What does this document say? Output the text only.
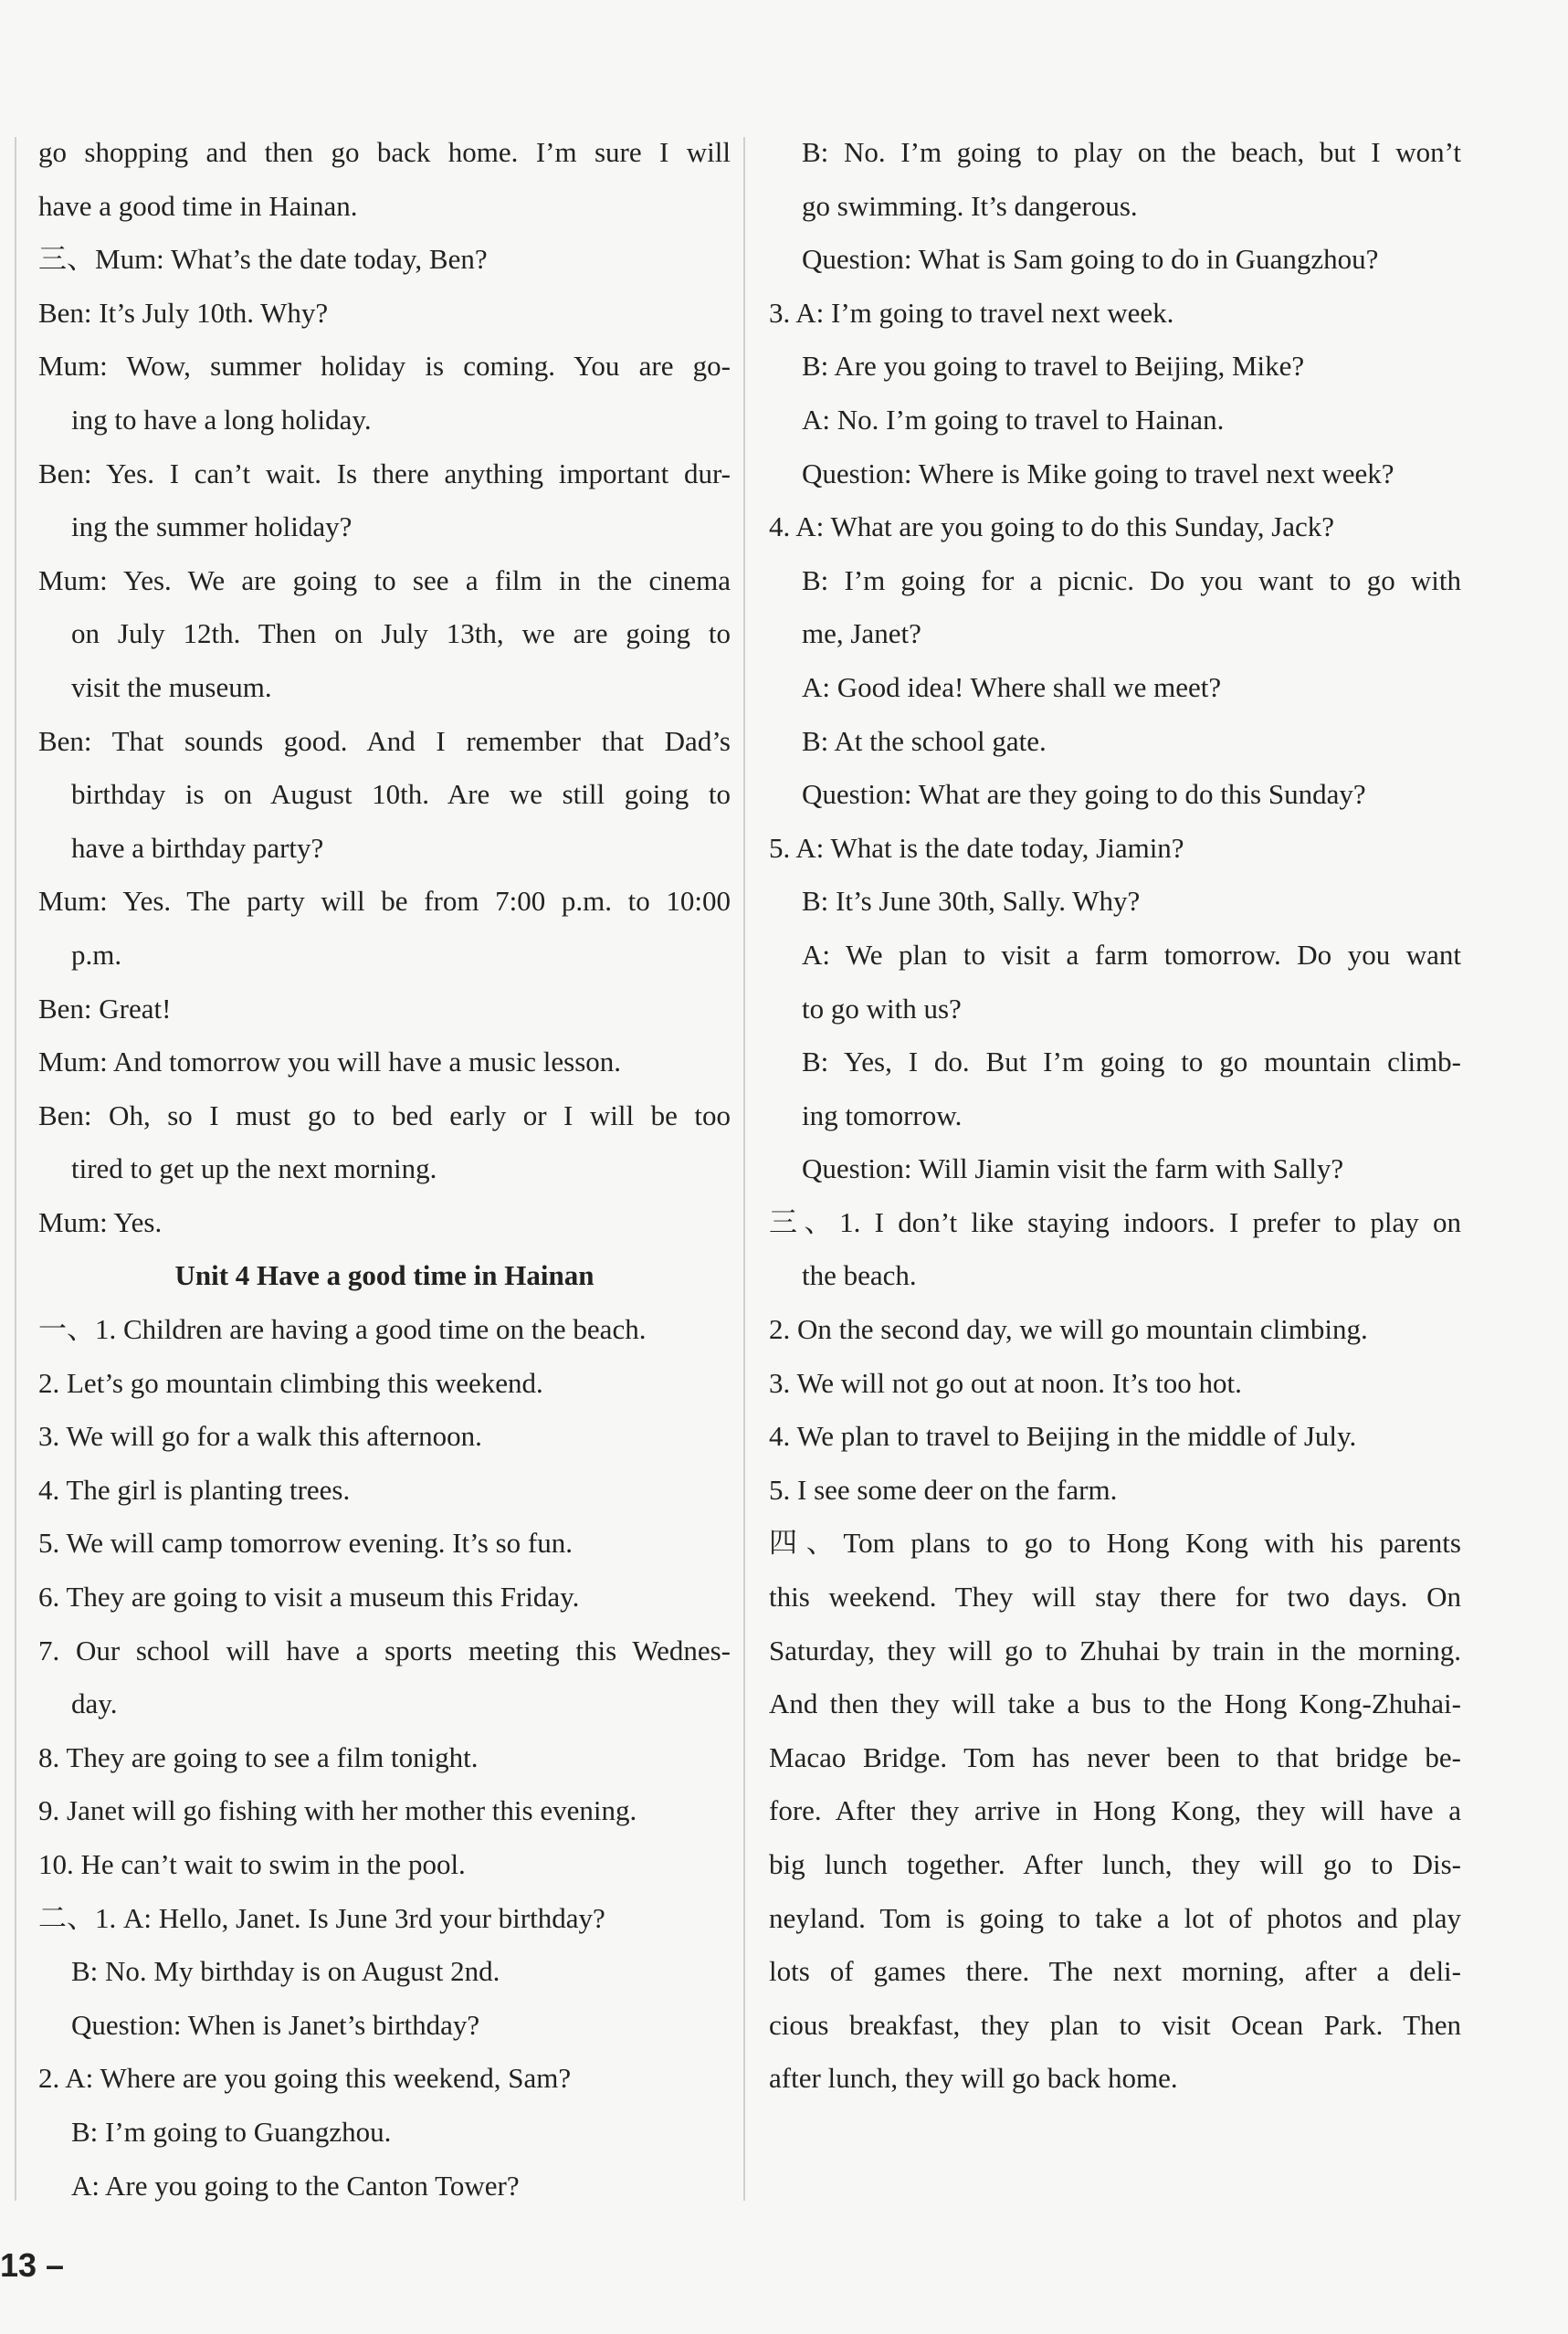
go shopping and then go back home. I’m sure I will
have a good time in Hainan.
三、Mum: What’s the date today, Ben?
Ben: It’s July 10th. Why?
Mum: Wow, summer holiday is coming. You are go-
ing to have a long holiday.
Ben: Yes. I can’t wait. Is there anything important dur-
ing the summer holiday?
Mum: Yes. We are going to see a film in the cinema
on July 12th. Then on July 13th, we are going to
visit the museum.
Ben: That sounds good. And I remember that Dad’s
birthday is on August 10th. Are we still going to
have a birthday party?
Mum: Yes. The party will be from 7:00 p.m. to 10:00
p.m.
Ben: Great!
Mum: And tomorrow you will have a music lesson.
Ben: Oh, so I must go to bed early or I will be too
tired to get up the next morning.
Mum: Yes.
Unit 4 Have a good time in Hainan
一、1. Children are having a good time on the beach.
2. Let’s go mountain climbing this weekend.
3. We will go for a walk this afternoon.
4. The girl is planting trees.
5. We will camp tomorrow evening. It’s so fun.
6. They are going to visit a museum this Friday.
7. Our school will have a sports meeting this Wednes-
day.
8. They are going to see a film tonight.
9. Janet will go fishing with her mother this evening.
10. He can’t wait to swim in the pool.
二、1. A: Hello, Janet. Is June 3rd your birthday?
B: No. My birthday is on August 2nd.
Question: When is Janet’s birthday?
2. A: Where are you going this weekend, Sam?
B: I’m going to Guangzhou.
A: Are you going to the Canton Tower?
B: No. I’m going to play on the beach, but I won’t
go swimming. It’s dangerous.
Question: What is Sam going to do in Guangzhou?
3. A: I’m going to travel next week.
B: Are you going to travel to Beijing, Mike?
A: No. I’m going to travel to Hainan.
Question: Where is Mike going to travel next week?
4. A: What are you going to do this Sunday, Jack?
B: I’m going for a picnic. Do you want to go with
me, Janet?
A: Good idea! Where shall we meet?
B: At the school gate.
Question: What are they going to do this Sunday?
5. A: What is the date today, Jiamin?
B: It’s June 30th, Sally. Why?
A: We plan to visit a farm tomorrow. Do you want
to go with us?
B: Yes, I do. But I’m going to go mountain climb-
ing tomorrow.
Question: Will Jiamin visit the farm with Sally?
三、1. I don’t like staying indoors. I prefer to play on
the beach.
2. On the second day, we will go mountain climbing.
3. We will not go out at noon. It’s too hot.
4. We plan to travel to Beijing in the middle of July.
5. I see some deer on the farm.
四、Tom plans to go to Hong Kong with his parents
this weekend. They will stay there for two days. On
Saturday, they will go to Zhuhai by train in the morning.
And then they will take a bus to the Hong Kong-Zhuhai-
Macao Bridge. Tom has never been to that bridge be-
fore. After they arrive in Hong Kong, they will have a
big lunch together. After lunch, they will go to Dis-
neyland. Tom is going to take a lot of photos and play
lots of games there. The next morning, after a deli-
cious breakfast, they plan to visit Ocean Park. Then
after lunch, they will go back home.
13 –
